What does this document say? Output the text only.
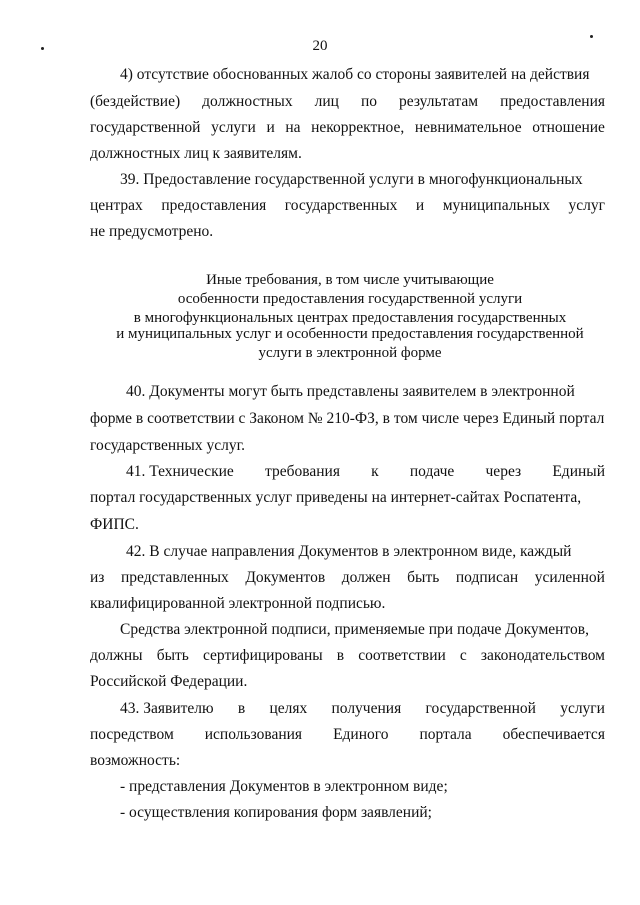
20
4) отсутствие обоснованных жалоб со стороны заявителей на действия
(бездействие) должностных лиц по результатам предоставления
государственной услуги и на некорректное, невнимательное отношение
должностных лиц к заявителям.
39. Предоставление государственной услуги в многофункциональных
центрах предоставления государственных и муниципальных услуг
не предусмотрено.
Иные требования, в том числе учитывающие
особенности предоставления государственной услуги
в многофункциональных центрах предоставления государственных
и муниципальных услуг и особенности предоставления государственной
услуги в электронной форме
40. Документы могут быть представлены заявителем в электронной
форме в соответствии с Законом № 210-ФЗ, в том числе через Единый портал
государственных услуг.
41. Технические требования к подаче через Единый
портал государственных услуг приведены на интернет-сайтах Роспатента,
ФИПС.
42. В случае направления Документов в электронном виде, каждый
из представленных Документов должен быть подписан усиленной
квалифицированной электронной подписью.
Средства электронной подписи, применяемые при подаче Документов,
должны быть сертифицированы в соответствии с законодательством
Российской Федерации.
43. Заявителю в целях получения государственной услуги
посредством использования Единого портала обеспечивается
возможность:
- представления Документов в электронном виде;
- осуществления копирования форм заявлений;
